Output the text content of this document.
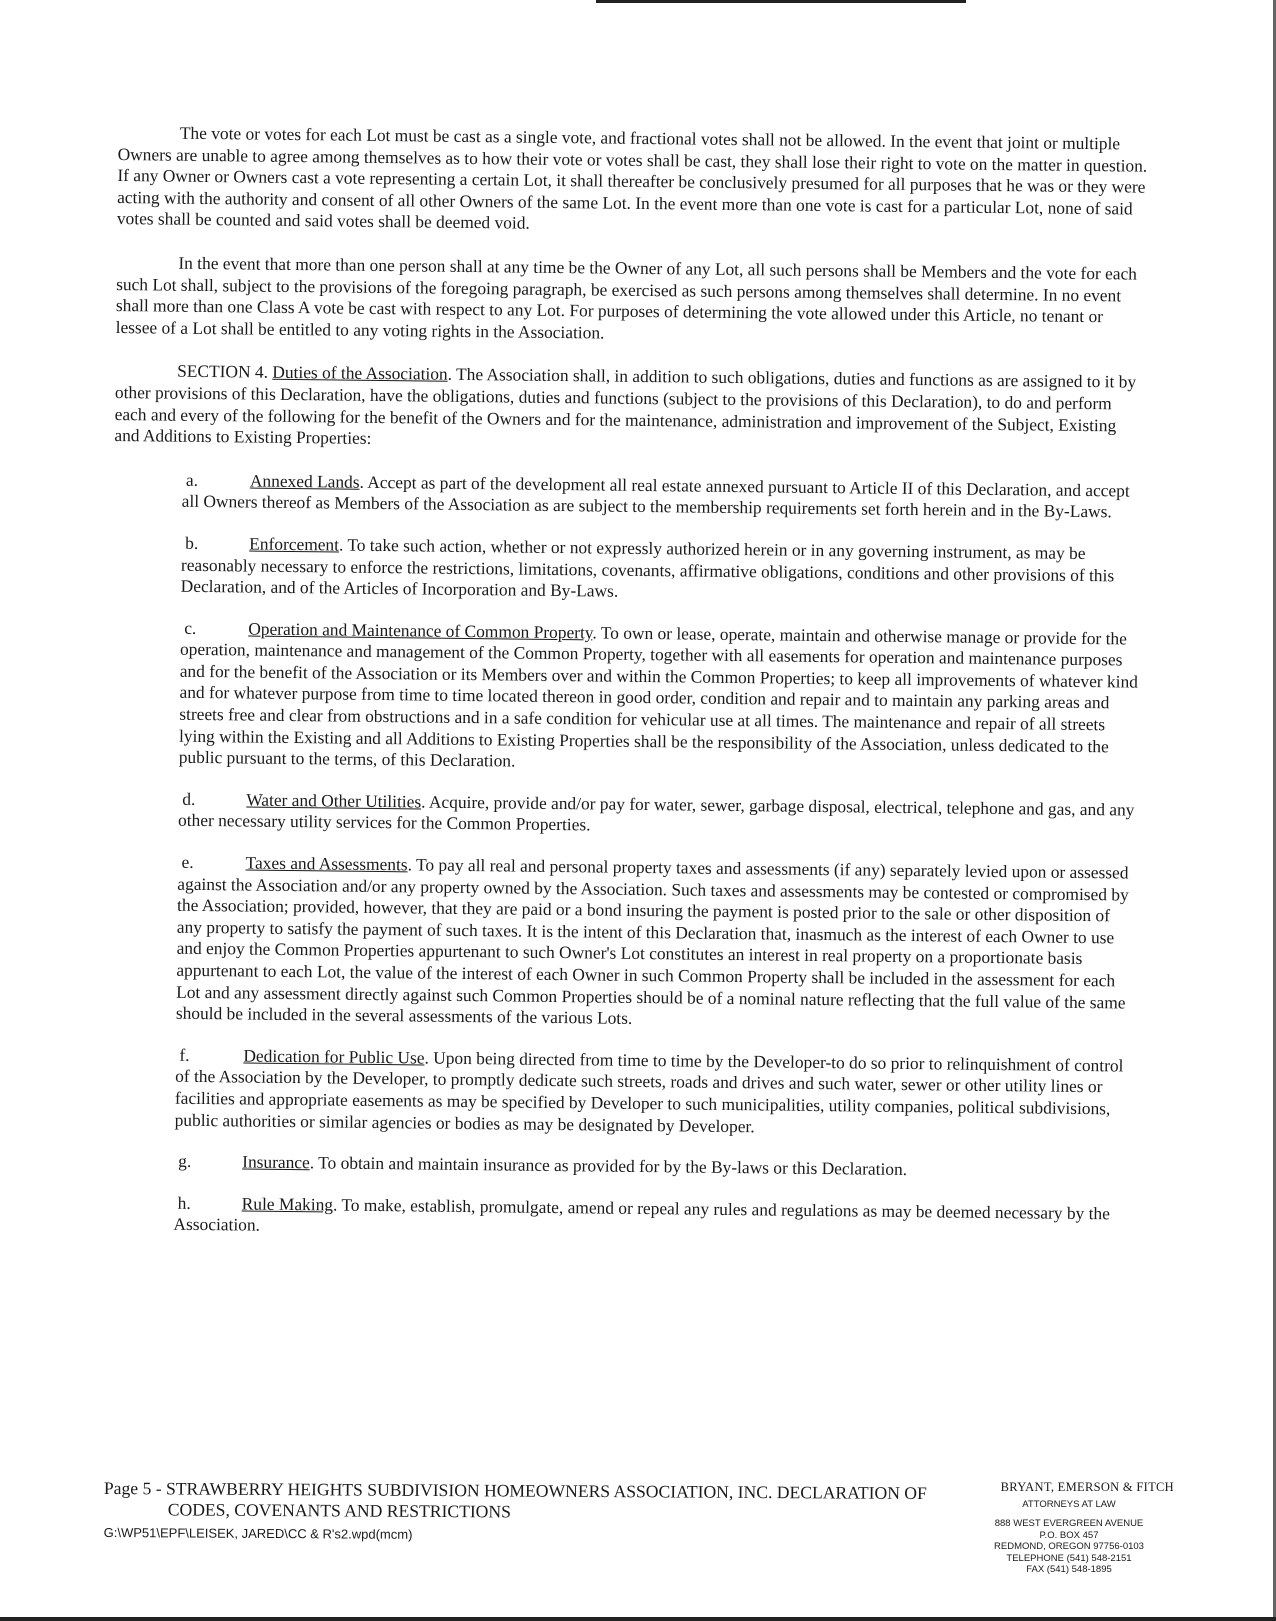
The vote or votes for each Lot must be cast as a single vote, and fractional votes shall not be allowed. In the event that joint or multiple Owners are unable to agree among themselves as to how their vote or votes shall be cast, they shall lose their right to vote on the matter in question. If any Owner or Owners cast a vote representing a certain Lot, it shall thereafter be conclusively presumed for all purposes that he was or they were acting with the authority and consent of all other Owners of the same Lot. In the event more than one vote is cast for a particular Lot, none of said votes shall be counted and said votes shall be deemed void.

In the event that more than one person shall at any time be the Owner of any Lot, all such persons shall be Members and the vote for each such Lot shall, subject to the provisions of the foregoing paragraph, be exercised as such persons among themselves shall determine. In no event shall more than one Class A vote be cast with respect to any Lot. For purposes of determining the vote allowed under this Article, no tenant or lessee of a Lot shall be entitled to any voting rights in the Association.

SECTION 4. Duties of the Association. The Association shall, in addition to such obligations, duties and functions as are assigned to it by other provisions of this Declaration, have the obligations, duties and functions (subject to the provisions of this Declaration), to do and perform each and every of the following for the benefit of the Owners and for the maintenance, administration and improvement of the Subject, Existing and Additions to Existing Properties:

a.	Annexed Lands. Accept as part of the development all real estate annexed pursuant to Article II of this Declaration, and accept all Owners thereof as Members of the Association as are subject to the membership requirements set forth herein and in the By-Laws.

b.	Enforcement. To take such action, whether or not expressly authorized herein or in any governing instrument, as may be reasonably necessary to enforce the restrictions, limitations, covenants, affirmative obligations, conditions and other provisions of this Declaration, and of the Articles of Incorporation and By-Laws.

c.	Operation and Maintenance of Common Property. To own or lease, operate, maintain and otherwise manage or provide for the operation, maintenance and management of the Common Property, together with all easements for operation and maintenance purposes and for the benefit of the Association or its Members over and within the Common Properties; to keep all improvements of whatever kind and for whatever purpose from time to time located thereon in good order, condition and repair and to maintain any parking areas and streets free and clear from obstructions and in a safe condition for vehicular use at all times. The maintenance and repair of all streets lying within the Existing and all Additions to Existing Properties shall be the responsibility of the Association, unless dedicated to the public pursuant to the terms, of this Declaration.

d.	Water and Other Utilities. Acquire, provide and/or pay for water, sewer, garbage disposal, electrical, telephone and gas, and any other necessary utility services for the Common Properties.

e.	Taxes and Assessments. To pay all real and personal property taxes and assessments (if any) separately levied upon or assessed against the Association and/or any property owned by the Association. Such taxes and assessments may be contested or compromised by the Association; provided, however, that they are paid or a bond insuring the payment is posted prior to the sale or other disposition of any property to satisfy the payment of such taxes. It is the intent of this Declaration that, inasmuch as the interest of each Owner to use and enjoy the Common Properties appurtenant to such Owner's Lot constitutes an interest in real property on a proportionate basis appurtenant to each Lot, the value of the interest of each Owner in such Common Property shall be included in the assessment for each Lot and any assessment directly against such Common Properties should be of a nominal nature reflecting that the full value of the same should be included in the several assessments of the various Lots.

f.	Dedication for Public Use. Upon being directed from time to time by the Developer-to do so prior to relinquishment of control of the Association by the Developer, to promptly dedicate such streets, roads and drives and such water, sewer or other utility lines or facilities and appropriate easements as may be specified by Developer to such municipalities, utility companies, political subdivisions, public authorities or similar agencies or bodies as may be designated by Developer.

g.	Insurance. To obtain and maintain insurance as provided for by the By-laws or this Declaration.

h.	Rule Making. To make, establish, promulgate, amend or repeal any rules and regulations as may be deemed necessary by the Association.

Page 5 - STRAWBERRY HEIGHTS SUBDIVISION HOMEOWNERS ASSOCIATION, INC. DECLARATION OF
CODES, COVENANTS AND RESTRICTIONS
G:\WP51\EPF\LEISEK, JARED\CC & R's2.wpd(mcm)
BRYANT, EMERSON & FITCH
ATTORNEYS AT LAW
888 WEST EVERGREEN AVENUE
P.O. BOX 457
REDMOND, OREGON 97756-0103
TELEPHONE (541) 548-2151
FAX (541) 548-1895
